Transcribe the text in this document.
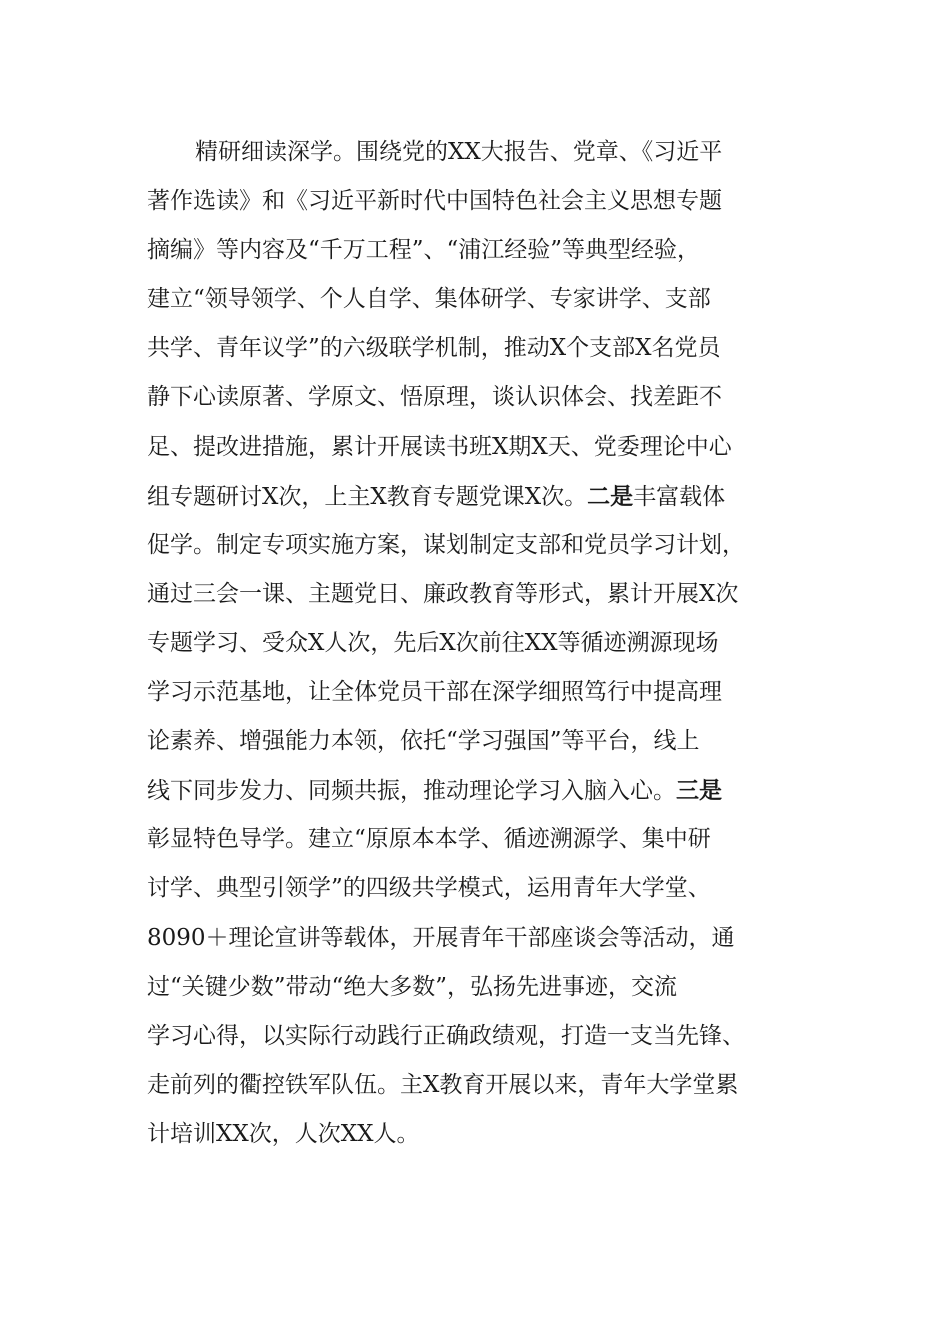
精研细读深学。围绕党的XX大报告、党章、《习近平
著作选读》和《习近平新时代中国特色社会主义思想专题
摘编》等内容及“千万工程”、“浦江经验”等典型经验，
建立“领导领学、个人自学、集体研学、专家讲学、支部
共学、青年议学”的六级联学机制，推动X个支部X名党员
静下心读原著、学原文、悟原理，谈认识体会、找差距不
足、提改进措施，累计开展读书班X期X天、党委理论中心
组专题研讨X次，上主X教育专题党课X次。二是丰富载体
促学。制定专项实施方案，谋划制定支部和党员学习计划，
通过三会一课、主题党日、廉政教育等形式，累计开展X次
专题学习、受众X人次，先后X次前往XX等循迹溯源现场
学习示范基地，让全体党员干部在深学细照笃行中提高理
论素养、增强能力本领，依托“学习强国”等平台，线上
线下同步发力、同频共振，推动理论学习入脑入心。三是
彰显特色导学。建立“原原本本学、循迹溯源学、集中研
讨学、典型引领学”的四级共学模式，运用青年大学堂、
8090＋理论宣讲等载体，开展青年干部座谈会等活动，通
过“关键少数”带动“绝大多数”，弘扬先进事迹，交流
学习心得，以实际行动践行正确政绩观，打造一支当先锋、
走前列的衢控铁军队伍。主X教育开展以来，青年大学堂累
计培训XX次，人次XX人。
